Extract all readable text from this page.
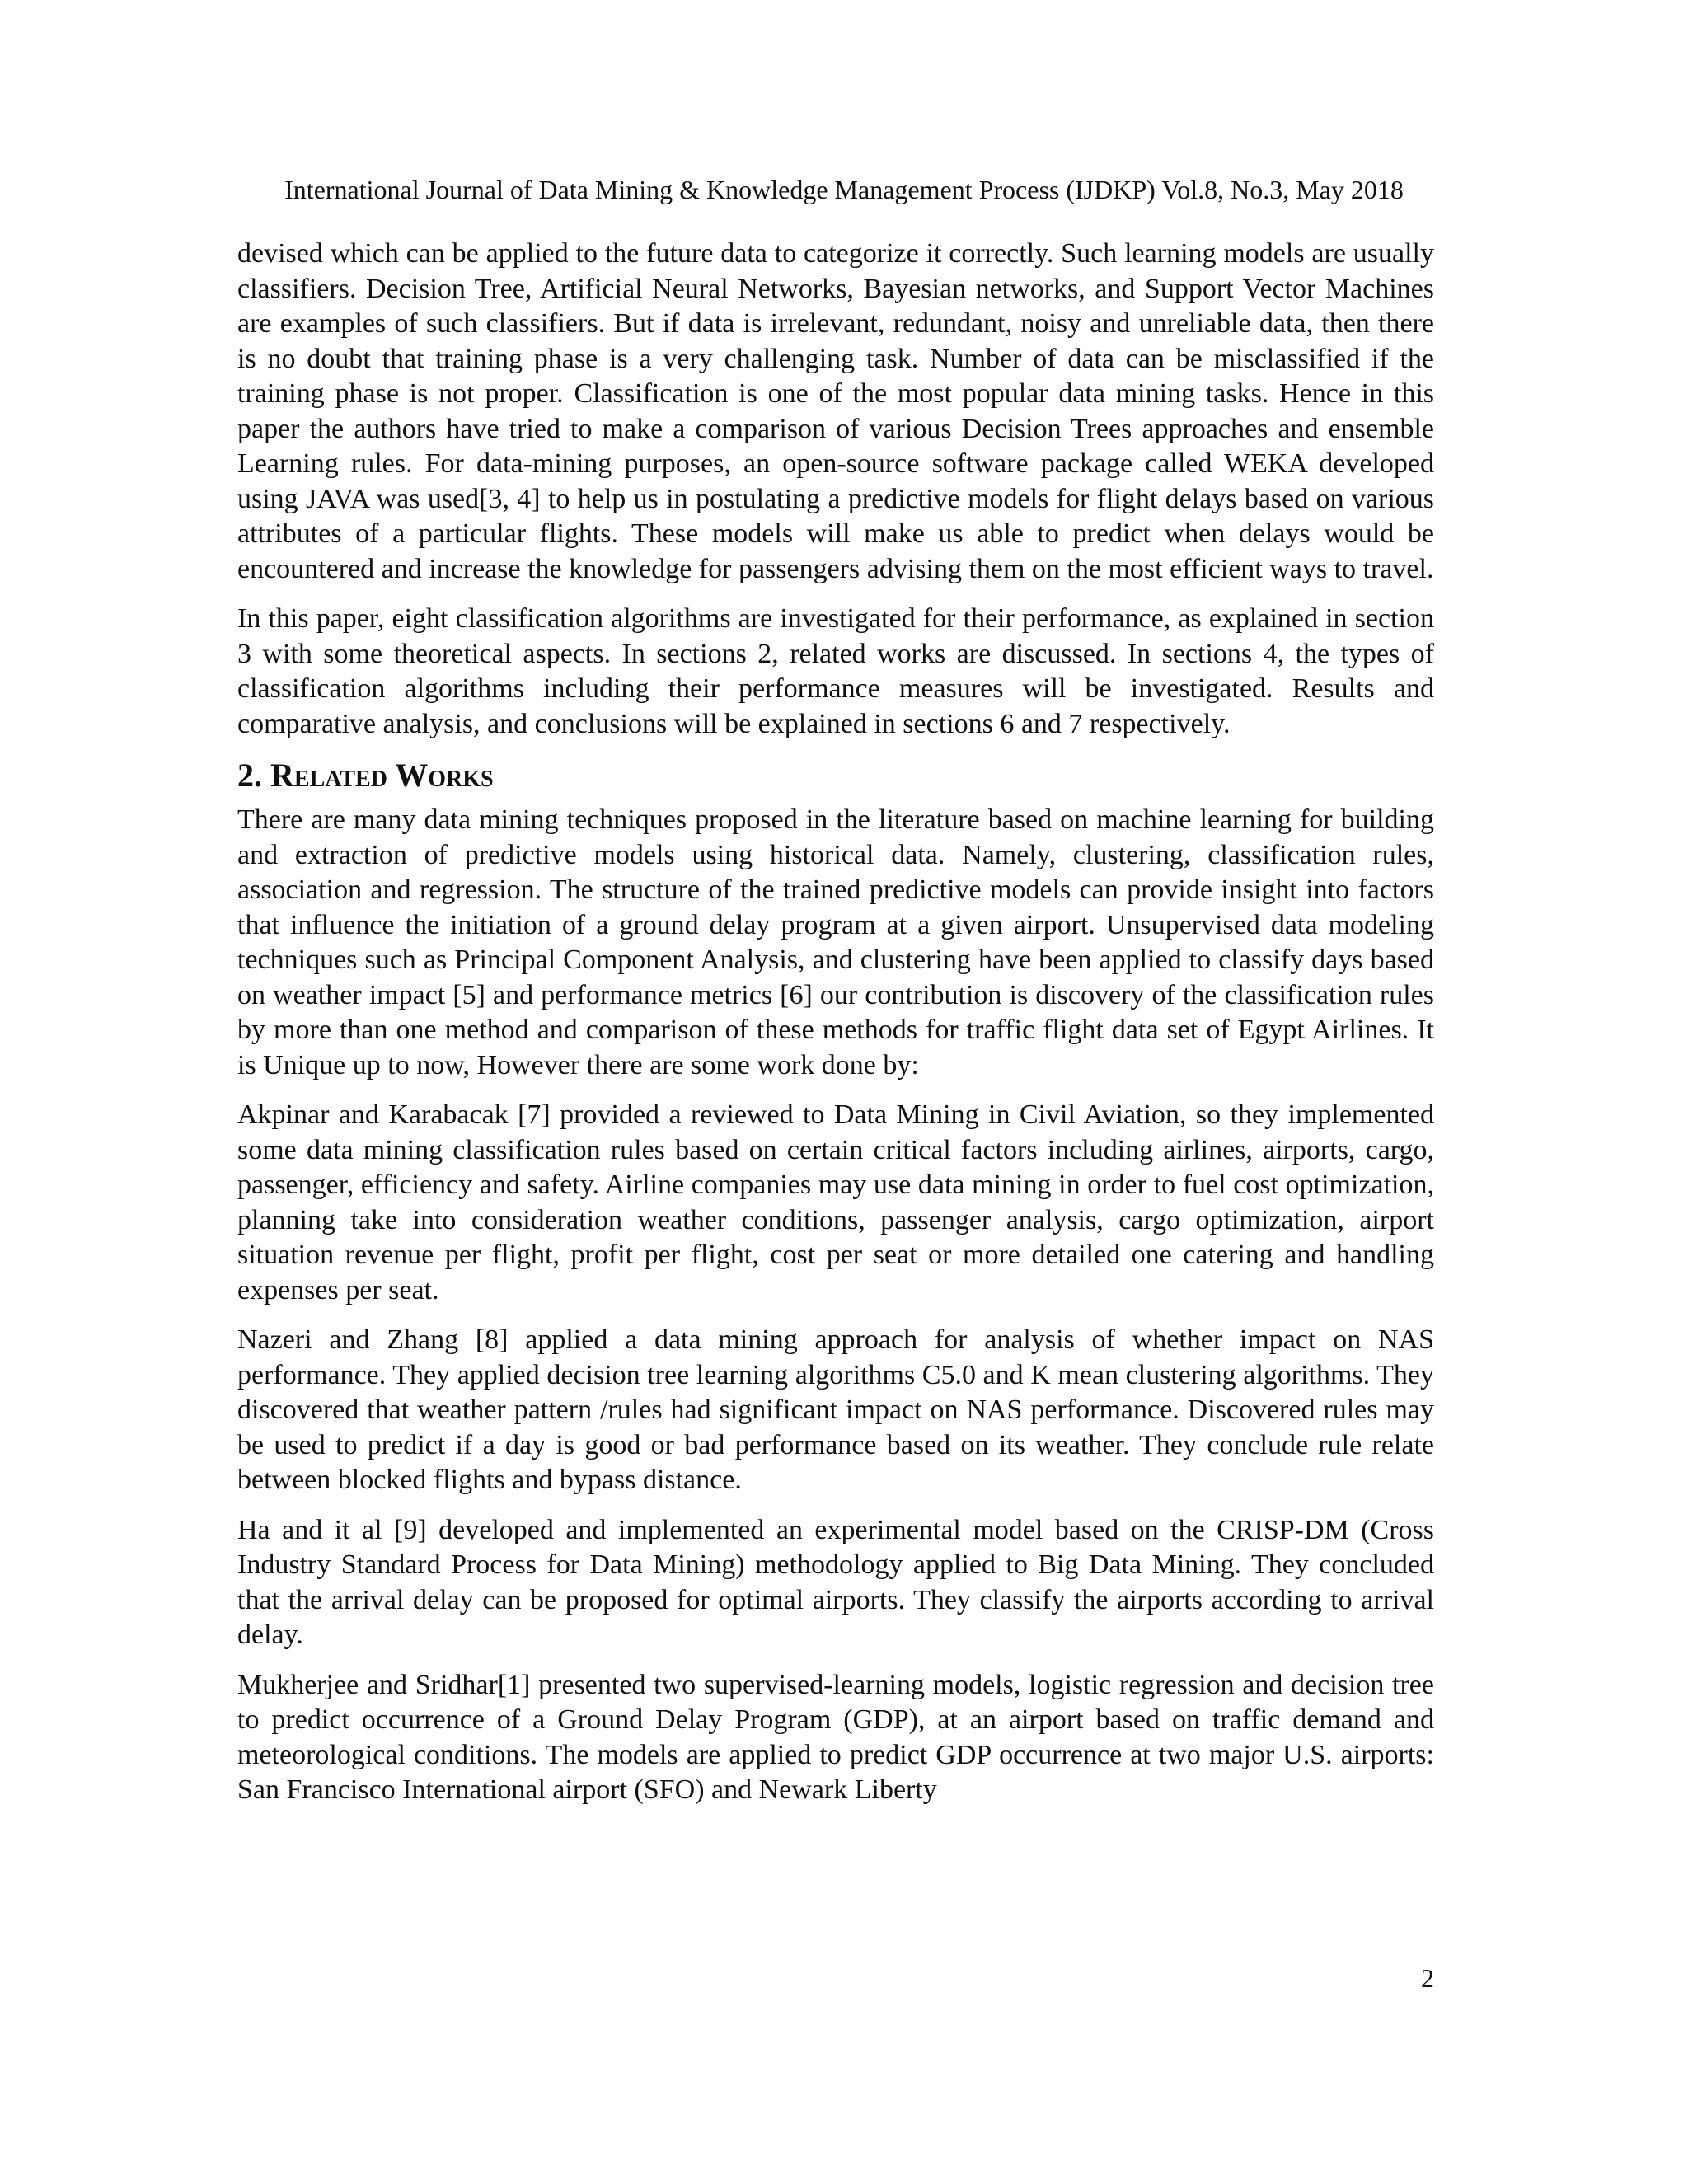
International Journal of Data Mining & Knowledge Management Process (IJDKP) Vol.8, No.3, May 2018

devised which can be applied to the future data to categorize it correctly. Such learning models are usually classifiers. Decision Tree, Artificial Neural Networks, Bayesian networks, and Support Vector Machines are examples of such classifiers. But if data is irrelevant, redundant, noisy and unreliable data, then there is no doubt that training phase is a very challenging task. Number of data can be misclassified if the training phase is not proper. Classification is one of the most popular data mining tasks. Hence in this paper the authors have tried to make a comparison of various Decision Trees approaches and ensemble Learning rules. For data-mining purposes, an open-source software package called WEKA developed using JAVA was used[3, 4] to help us in postulating a predictive models for flight delays based on various attributes of a particular flights. These models will make us able to predict when delays would be encountered and increase the knowledge for passengers advising them on the most efficient ways to travel.

In this paper, eight classification algorithms are investigated for their performance, as explained in section 3 with some theoretical aspects. In sections 2, related works are discussed. In sections 4, the types of classification algorithms including their performance measures will be investigated. Results and comparative analysis, and conclusions will be explained in sections 6 and 7 respectively.

2. Related Works

There are many data mining techniques proposed in the literature based on machine learning for building and extraction of predictive models using historical data. Namely, clustering, classification rules, association and regression. The structure of the trained predictive models can provide insight into factors that influence the initiation of a ground delay program at a given airport. Unsupervised data modeling techniques such as Principal Component Analysis, and clustering have been applied to classify days based on weather impact [5] and performance metrics [6] our contribution is discovery of the classification rules by more than one method and comparison of these methods for traffic flight data set of Egypt Airlines. It is Unique up to now, However there are some work done by:

Akpinar and Karabacak [7] provided a reviewed to Data Mining in Civil Aviation, so they implemented some data mining classification rules based on certain critical factors including airlines, airports, cargo, passenger, efficiency and safety. Airline companies may use data mining in order to fuel cost optimization, planning take into consideration weather conditions, passenger analysis, cargo optimization, airport situation revenue per flight, profit per flight, cost per seat or more detailed one catering and handling expenses per seat.

Nazeri and Zhang [8] applied a data mining approach for analysis of whether impact on NAS performance. They applied decision tree learning algorithms C5.0 and K mean clustering algorithms. They discovered that weather pattern /rules had significant impact on NAS performance. Discovered rules may be used to predict if a day is good or bad performance based on its weather. They conclude rule relate between blocked flights and bypass distance.

Ha and it al [9] developed and implemented an experimental model based on the CRISP-DM (Cross Industry Standard Process for Data Mining) methodology applied to Big Data Mining. They concluded that the arrival delay can be proposed for optimal airports. They classify the airports according to arrival delay.

Mukherjee and Sridhar[1] presented two supervised-learning models, logistic regression and decision tree to predict occurrence of a Ground Delay Program (GDP), at an airport based on traffic demand and meteorological conditions. The models are applied to predict GDP occurrence at two major U.S. airports: San Francisco International airport (SFO) and Newark Liberty

2
